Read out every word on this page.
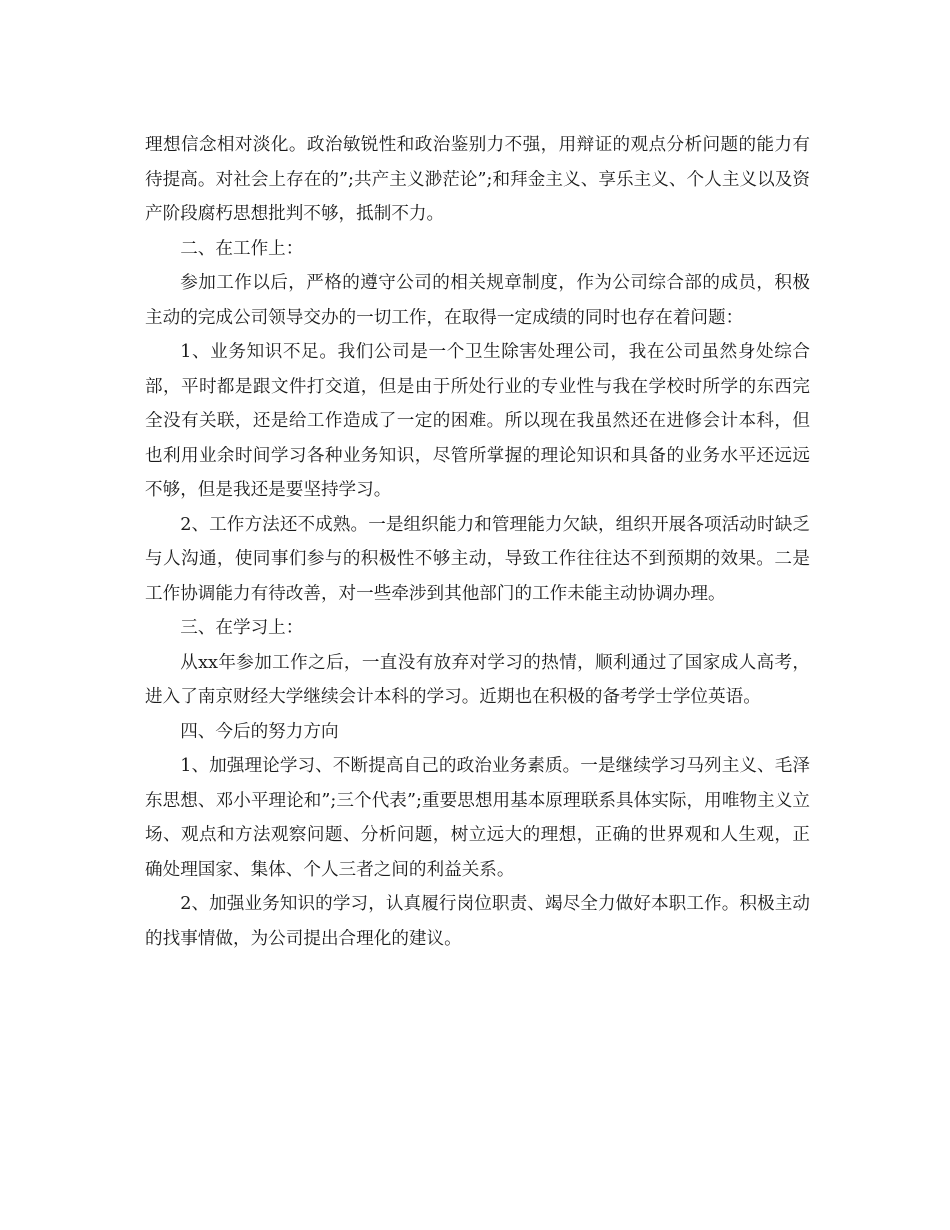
理想信念相对淡化。政治敏锐性和政治鉴别力不强，用辩证的观点分析问题的能力有待提高。对社会上存在的”;共产主义渺茫论”;和拜金主义、享乐主义、个人主义以及资产阶段腐朽思想批判不够，抵制不力。

二、在工作上：

参加工作以后，严格的遵守公司的相关规章制度，作为公司综合部的成员，积极主动的完成公司领导交办的一切工作，在取得一定成绩的同时也存在着问题：

1、业务知识不足。我们公司是一个卫生除害处理公司，我在公司虽然身处综合部，平时都是跟文件打交道，但是由于所处行业的专业性与我在学校时所学的东西完全没有关联，还是给工作造成了一定的困难。所以现在我虽然还在进修会计本科，但也利用业余时间学习各种业务知识，尽管所掌握的理论知识和具备的业务水平还远远不够，但是我还是要坚持学习。

2、工作方法还不成熟。一是组织能力和管理能力欠缺，组织开展各项活动时缺乏与人沟通，使同事们参与的积极性不够主动，导致工作往往达不到预期的效果。二是工作协调能力有待改善，对一些牵涉到其他部门的工作未能主动协调办理。

三、在学习上：

从xx年参加工作之后，一直没有放弃对学习的热情，顺利通过了国家成人高考，进入了南京财经大学继续会计本科的学习。近期也在积极的备考学士学位英语。

四、今后的努力方向

1、加强理论学习、不断提高自己的政治业务素质。一是继续学习马列主义、毛泽东思想、邓小平理论和”;三个代表”;重要思想用基本原理联系具体实际，用唯物主义立场、观点和方法观察问题、分析问题，树立远大的理想，正确的世界观和人生观，正确处理国家、集体、个人三者之间的利益关系。

2、加强业务知识的学习，认真履行岗位职责、竭尽全力做好本职工作。积极主动的找事情做，为公司提出合理化的建议。
